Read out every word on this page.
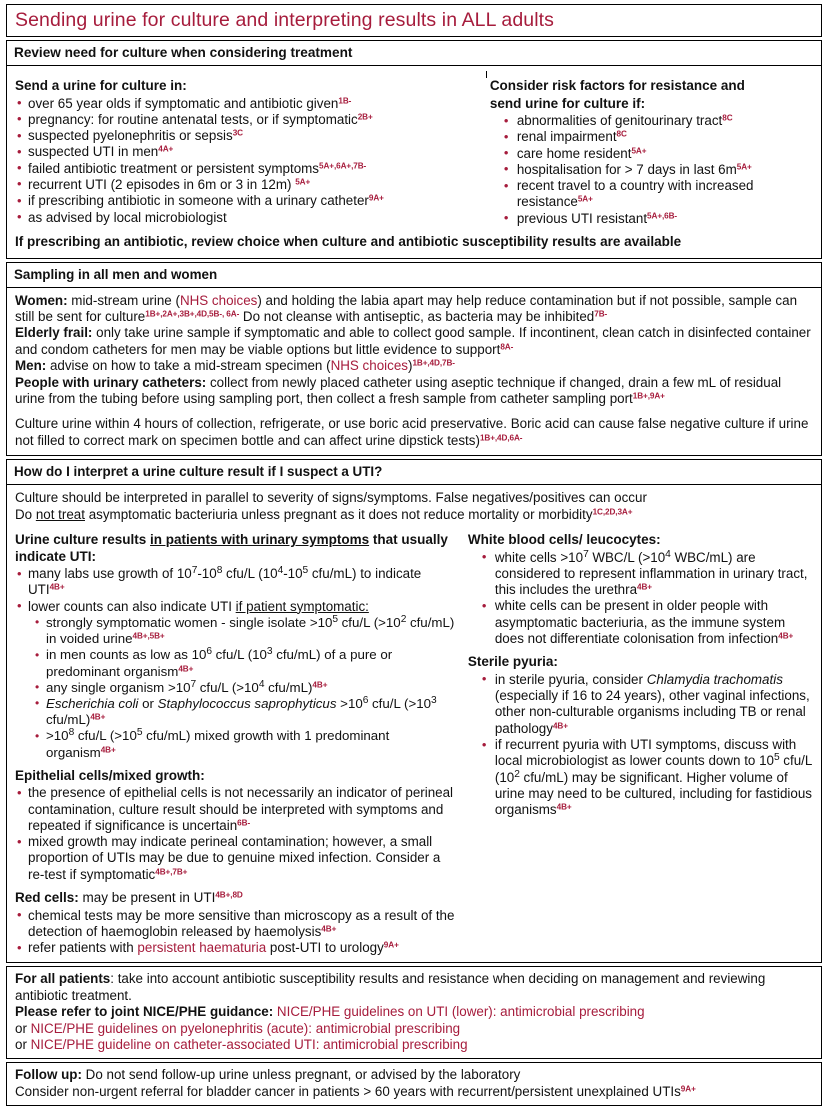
Sending urine for culture and interpreting results in ALL adults
Review need for culture when considering treatment
Send a urine for culture in:
• over 65 year olds if symptomatic and antibiotic given$^{1B-}$
• pregnancy: for routine antenatal tests, or if symptomatic$^{2B+}$
• suspected pyelonephritis or sepsis$^{3C}$
• suspected UTI in men$^{4A+}$
• failed antibiotic treatment or persistent symptoms$^{5A+,6A+,7B-}$
• recurrent UTI (2 episodes in 6m or 3 in 12m) $^{5A+}$
• if prescribing antibiotic in someone with a urinary catheter$^{9A+}$
• as advised by local microbiologist
Consider risk factors for resistance and
send urine for culture if:
• abnormalities of genitourinary tract$^{8C}$
• renal impairment$^{8C}$
• care home resident$^{5A+}$
• hospitalisation for > 7 days in last $6m^{5A+}$
• recent travel to a country with increased resistance$^{5A+}$
• previous UTI resistant$^{5A+,6B-}$
If prescribing an antibiotic, review choice when culture and antibiotic susceptibility results are available
Sampling in all men and women
Women: mid-stream urine (NHS choices) and holding the labia apart may help reduce contamination but if not possible, sample can still be sent for culture$^{1B+,2A+,3B+,4D,5B-, 6A-}$ Do not cleanse with antiseptic, as bacteria may be inhibited$^{7B-}$
Elderly frail: only take urine sample if symptomatic and able to collect good sample. If incontinent, clean catch in disinfected container and condom catheters for men may be viable options but little evidence to support$^{8A-}$
Men: advise on how to take a mid-stream specimen (NHS choices)$^{1B+,4D,7B-}$
People with urinary catheters: collect from newly placed catheter using aseptic technique if changed, drain a few mL of residual urine from the tubing before using sampling port, then collect a fresh sample from catheter sampling port$^{1B+,9A+}$
Culture urine within 4 hours of collection, refrigerate, or use boric acid preservative. Boric acid can cause false negative culture if urine not filled to correct mark on specimen bottle and can affect urine dipstick tests)$^{1B+,4D,6A-}$
How do I interpret a urine culture result if I suspect a UTI?
Culture should be interpreted in parallel to severity of signs/symptoms. False negatives/positives can occur
Do not treat asymptomatic bacteriuria unless pregnant as it does not reduce mortality or morbidity$^{1C,2D,3A+}$
Urine culture results in patients with urinary symptoms that usually indicate UTI:
• many labs use growth of $10^7-10^8$ cfu/L ($10^4-10^5$ cfu/mL) to indicate $UTI^{4B+}$
• lower counts can also indicate UTI if patient symptomatic:
• strongly symptomatic women - single isolate $>10^5$ cfu/L ($>10^2$ cfu/mL) in voided urine$^{4B+,5B+}$
• in men counts as low as $10^6$ cfu/L ($10^3$ cfu/mL) of a pure or predominant organism$^{4B+}$
• any single organism $>10^7$ cfu/L ($>10^4$ cfu/mL)$^{4B+}$
• Escherichia coli or Staphylococcus saprophyticus $>10^6$ cfu/L ($>10^3$ cfu/mL)$^{4B+}$
• $>10^8$ cfu/L ($>10^5$ cfu/mL) mixed growth with 1 predominant organism$^{4B+}$
Epithelial cells/mixed growth:
• the presence of epithelial cells is not necessarily an indicator of perineal contamination, culture result should be interpreted with symptoms and repeated if significance is uncertain$^{6B-}$
• mixed growth may indicate perineal contamination; however, a small proportion of UTIs may be due to genuine mixed infection. Consider a re-test if symptomatic$^{4B+,7B+}$
Red cells: may be present in $UTI^{4B+,8D}$
• chemical tests may be more sensitive than microscopy as a result of the detection of haemoglobin released by haemolysis$^{4B+}$
• refer patients with persistent haematuria post-UTI to urology$^{9A+}$
White blood cells/ leucocytes:
• white cells $>10^7$ WBC/L ($>10^4$ WBC/mL) are considered to represent inflammation in urinary tract, this includes the urethra$^{4B+}$
• white cells can be present in older people with asymptomatic bacteriuria, as the immune system does not differentiate colonisation from infection$^{4B+}$
Sterile pyuria:
• in sterile pyuria, consider Chlamydia trachomatis (especially if 16 to 24 years), other vaginal infections, other non-culturable organisms including TB or renal pathology$^{4B+}$
• if recurrent pyuria with UTI symptoms, discuss with local microbiologist as lower counts down to $10^5$ cfu/L ($10^2$ cfu/mL) may be significant. Higher volume of urine may need to be cultured, including for fastidious organisms$^{4B+}$
For all patients: take into account antibiotic susceptibility results and resistance when deciding on management and reviewing antibiotic treatment.
Please refer to joint NICE/PHE guidance: NICE/PHE guidelines on UTI (lower): antimicrobial prescribing
or NICE/PHE guidelines on pyelonephritis (acute): antimicrobial prescribing
or NICE/PHE guideline on catheter-associated UTI: antimicrobial prescribing
Follow up: Do not send follow-up urine unless pregnant, or advised by the laboratory
Consider non-urgent referral for bladder cancer in patients > 60 years with recurrent/persistent unexplained UTIs$^{9A+}$
